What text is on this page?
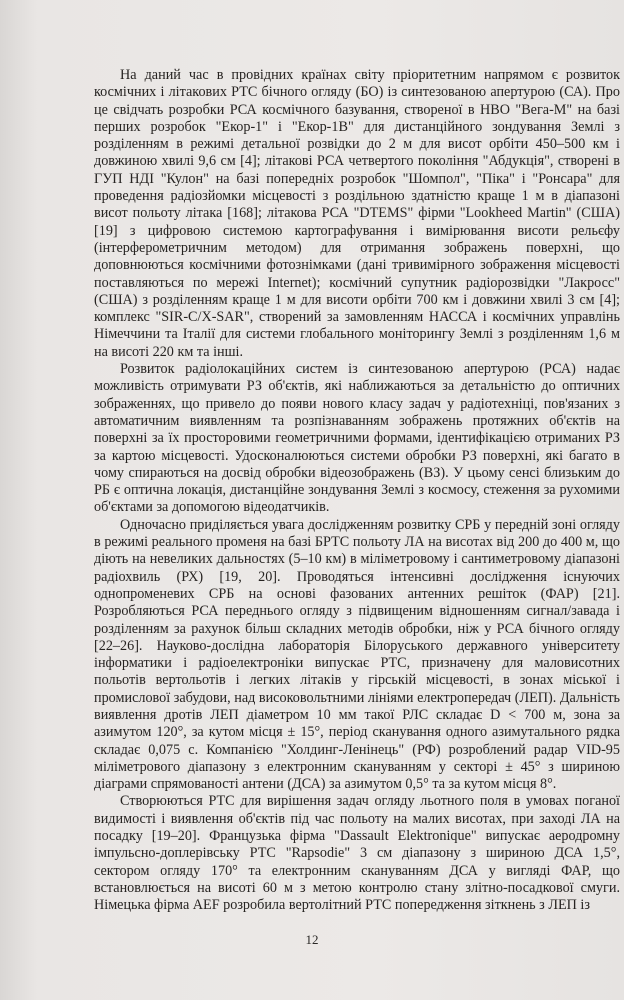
На даний час в провідних країнах світу пріоритетним напрямом є розвиток космічних і літакових РТС бічного огляду (БО) із синтезованою апертурою (СА). Про це свідчать розробки РСА космічного базування, створеної в НВО "Вега-М" на базі перших розробок "Екор-1" і "Екор-1В" для дистанційного зондування Землі з розділенням в режимі детальної розвідки до 2 м для висот орбіти 450–500 км і довжиною хвилі 9,6 см [4]; літакові РСА четвертого покоління "Абдукція", створені в ГУП НДІ "Кулон" на базі попередніх розробок "Шомпол", "Піка" і "Ронсара" для проведення радіозйомки місцевості з роздільною здатністю краще 1 м в діапазоні висот польоту літака [168]; літакова РСА "DTEMS" фірми "Lookheed Martin" (США) [19] з цифровою системою картографування і вимірювання висоти рельєфу (інтерферометричним методом) для отримання зображень поверхні, що доповнюються космічними фотознімками (дані тривимірного зображення місцевості поставляються по мережі Internet); космічний супутник радіорозвідки "Лакросс" (США) з розділенням краще 1 м для висоти орбіти 700 км і довжини хвилі 3 см [4]; комплекс "SIR-C/X-SAR", створений за замовленням НАССА і космічних управлінь Німеччини та Італії для системи глобального моніторингу Землі з розділенням 1,6 м на висоті 220 км та інші.

Розвиток радіолокаційних систем із синтезованою апертурою (РСА) надає можливість отримувати РЗ об'єктів, які наближаються за детальністю до оптичних зображеннях, що привело до появи нового класу задач у радіотехніці, пов'язаних з автоматичним виявленням та розпізнаванням зображень протяжних об'єктів на поверхні за їх просторовими геометричними формами, ідентифікацією отриманих РЗ за картою місцевості. Удосконалюються системи обробки РЗ поверхні, які багато в чому спираються на досвід обробки відеозображень (ВЗ). У цьому сенсі близьким до РБ є оптична локація, дистанційне зондування Землі з космосу, стеження за рухомими об'єктами за допомогою відеодатчиків.

Одночасно приділяється увага дослідженням розвитку СРБ у передній зоні огляду в режимі реального променя на базі БРТС польоту ЛА на висотах від 200 до 400 м, що діють на невеликих дальностях (5–10 км) в міліметровому і сантиметровому діапазоні радіохвиль (РХ) [19, 20]. Проводяться інтенсивні дослідження існуючих однопроменевих СРБ на основі фазованих антенних решіток (ФАР) [21]. Розробляються РСА переднього огляду з підвищеним відношенням сигнал/завада і розділенням за рахунок більш складних методів обробки, ніж у РСА бічного огляду [22–26]. Науково-дослідна лабораторія Білоруського державного університету інформатики і радіоелектроніки випускає РТС, призначену для маловисотних польотів вертольотів і легких літаків у гірській місцевості, в зонах міської і промислової забудови, над високовольтними лініями електропередач (ЛЕП). Дальність виявлення дротів ЛЕП діаметром 10 мм такої РЛС складає D < 700 м, зона за азимутом 120°, за кутом місця ± 15°, період сканування одного азимутального рядка складає 0,075 с. Компанією "Холдинг-Ленінець" (РФ) розроблений радар VID-95 міліметрового діапазону з електронним скануванням у секторі ± 45° з шириною діаграми спрямованості антени (ДСА) за азимутом 0,5° та за кутом місця 8°.

Створюються РТС для вирішення задач огляду льотного поля в умовах поганої видимості і виявлення об'єктів під час польоту на малих висотах, при заході ЛА на посадку [19–20]. Французька фірма "Dassault Elektronique" випускає аеродромну імпульсно-доплерівську РТС "Rapsodie" 3 см діапазону з шириною ДСА 1,5°, сектором огляду 170° та електронним скануванням ДСА у вигляді ФАР, що встановлюється на висоті 60 м з метою контролю стану злітно-посадкової смуги. Німецька фірма AEF розробила вертолітний РТС попередження зіткнень з ЛЕП із

12
